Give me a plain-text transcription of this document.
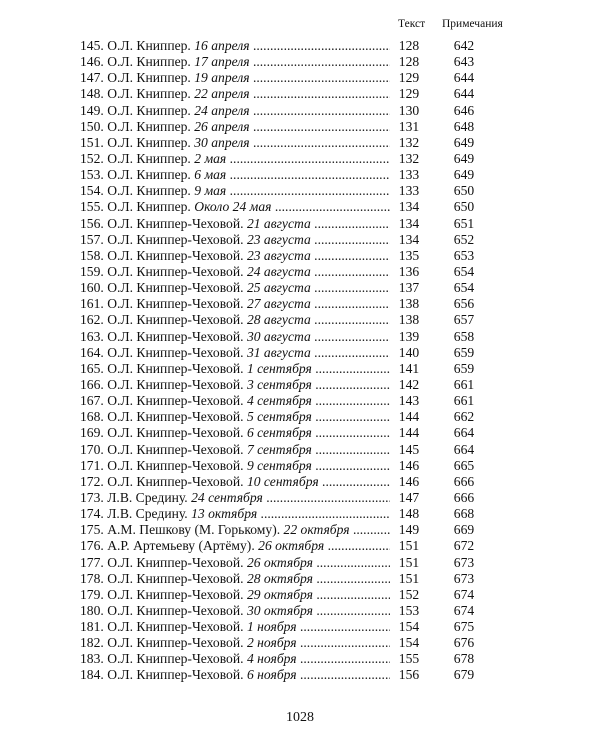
Текст Примечания
145. О.Л. Книппер. 16 апреля .....	128	642
146. О.Л. Книппер. 17 апреля .....	128	643
147. О.Л. Книппер. 19 апреля .....	129	644
148. О.Л. Книппер. 22 апреля .....	129	644
149. О.Л. Книппер. 24 апреля .....	130	646
150. О.Л. Книппер. 26 апреля .....	131	648
151. О.Л. Книппер. 30 апреля .....	132	649
152. О.Л. Книппер. 2 мая .....	132	649
153. О.Л. Книппер. 6 мая .....	133	649
154. О.Л. Книппер. 9 мая .....	133	650
155. О.Л. Книппер. Около 24 мая .....	134	650
156. О.Л. Книппер-Чеховой. 21 августа .....	134	651
157. О.Л. Книппер-Чеховой. 23 августа .....	134	652
158. О.Л. Книппер-Чеховой. 23 августа .....	135	653
159. О.Л. Книппер-Чеховой. 24 августа .....	136	654
160. О.Л. Книппер-Чеховой. 25 августа .....	137	654
161. О.Л. Книппер-Чеховой. 27 августа .....	138	656
162. О.Л. Книппер-Чеховой. 28 августа .....	138	657
163. О.Л. Книппер-Чеховой. 30 августа .....	139	658
164. О.Л. Книппер-Чеховой. 31 августа .....	140	659
165. О.Л. Книппер-Чеховой. 1 сентября .....	141	659
166. О.Л. Книппер-Чеховой. 3 сентября .....	142	661
167. О.Л. Книппер-Чеховой. 4 сентября .....	143	661
168. О.Л. Книппер-Чеховой. 5 сентября .....	144	662
169. О.Л. Книппер-Чеховой. 6 сентября .....	144	664
170. О.Л. Книппер-Чеховой. 7 сентября .....	145	664
171. О.Л. Книппер-Чеховой. 9 сентября .....	146	665
172. О.Л. Книппер-Чеховой. 10 сентября .....	146	666
173. Л.В. Средину. 24 сентября .....	147	666
174. Л.В. Средину. 13 октября .....	148	668
175. А.М. Пешкову (М. Горькому). 22 октября .....	149	669
176. А.Р. Артемьеву (Артёму). 26 октября .....	151	672
177. О.Л. Книппер-Чеховой. 26 октября .....	151	673
178. О.Л. Книппер-Чеховой. 28 октября .....	151	673
179. О.Л. Книппер-Чеховой. 29 октября .....	152	674
180. О.Л. Книппер-Чеховой. 30 октября .....	153	674
181. О.Л. Книппер-Чеховой. 1 ноября .....	154	675
182. О.Л. Книппер-Чеховой. 2 ноября .....	154	676
183. О.Л. Книппер-Чеховой. 4 ноября .....	155	678
184. О.Л. Книппер-Чеховой. 6 ноября .....	156	679
1028
